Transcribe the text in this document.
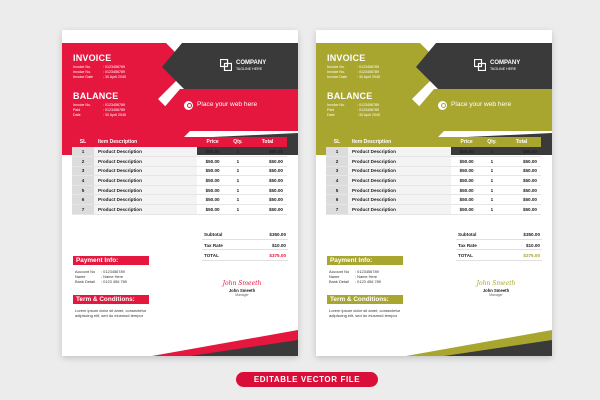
INVOICE
Invoice No.	: 0123456789
Invoice No.	: 0123456789
Invoice Date	: 30 April 2045
BALANCE
Invoice No.	: 0123456789
Paid	: 0123456789
Date	: 30 April 2045
COMPANY
TAGLINE HERE
Place your web here
SL	Item Description	Price	Qty.	Total
1	Product Description	$50.00	1	$50.00
2	Product Description	$50.00	1	$50.00
3	Product Description	$50.00	1	$50.00
4	Product Description	$50.00	1	$50.00
5	Product Description	$50.00	1	$50.00
6	Product Description	$50.00	1	$50.00
7	Product Description	$50.00	1	$50.00
Subtotal	$350.00
Tax Rate	$10.00
TOTAL	$375.00
Payment Info:
Account No : 0123456789
Name	: Name Here
Bank Detail : 0123 456 789
Term & Conditions:
Lorem ipsum dolor sit amet, consectetur adipiscing elit, sed do eiusmod tempor
John Smeeth
John Smeeth
Manager
INVOICE
Invoice No.	: 0123456789
Invoice No.	: 0123456789
Invoice Date	: 30 April 2045
BALANCE
Invoice No.	: 0123456789
Paid	: 0123456789
Date	: 30 April 2045
COMPANY
TAGLINE HERE
Place your web here
SL	Item Description	Price	Qty.	Total
1	Product Description	$50.00	1	$50.00
2	Product Description	$50.00	1	$50.00
3	Product Description	$50.00	1	$50.00
4	Product Description	$50.00	1	$50.00
5	Product Description	$50.00	1	$50.00
6	Product Description	$50.00	1	$50.00
7	Product Description	$50.00	1	$50.00
Subtotal	$350.00
Tax Rate	$10.00
TOTAL	$375.00
Payment Info:
Account No : 0123456789
Name	: Name Here
Bank Detail : 0123 456 789
Term & Conditions:
Lorem ipsum dolor sit amet, consectetur adipiscing elit, sed do eiusmod tempor
John Smeeth
John Smeeth
Manager
EDITABLE VECTOR FILE
